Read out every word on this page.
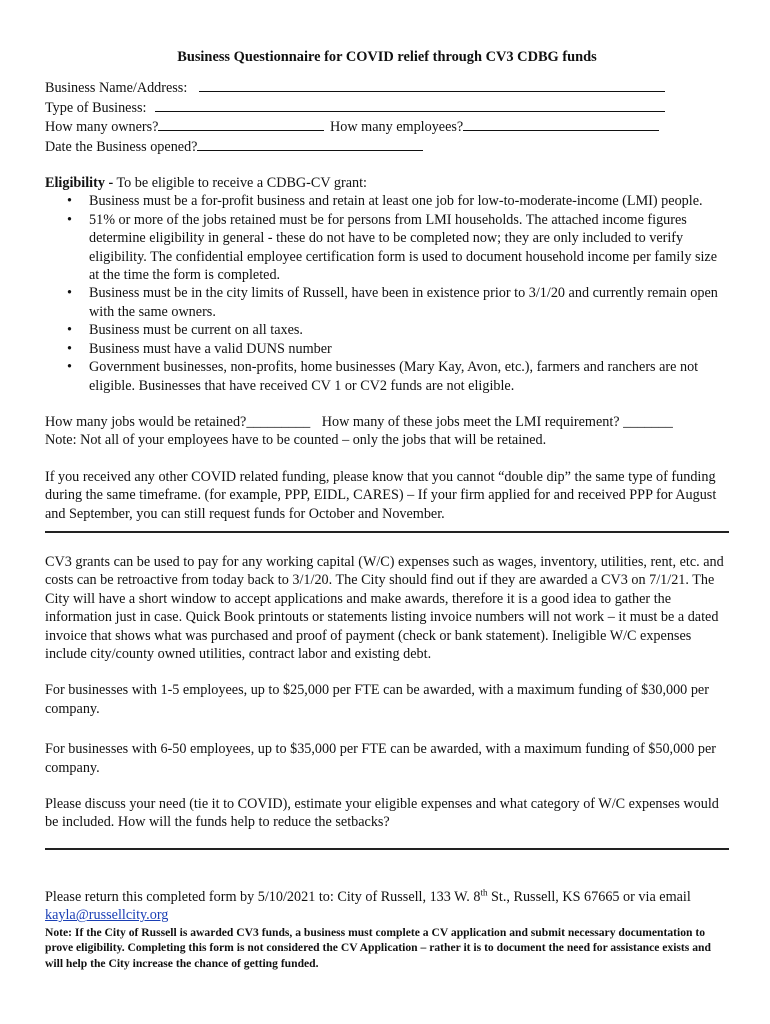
Business Questionnaire for COVID relief through CV3 CDBG funds
Business Name/Address:
Type of Business:
How many owners?	How many employees?
Date the Business opened?
Eligibility - To be eligible to receive a CDBG-CV grant:
• Business must be a for-profit business and retain at least one job for low-to-moderate-income (LMI) people.
• 51% or more of the jobs retained must be for persons from LMI households. The attached income figures determine eligibility in general - these do not have to be completed now; they are only included to verify eligibility. The confidential employee certification form is used to document household income per family size at the time the form is completed.
• Business must be in the city limits of Russell, have been in existence prior to 3/1/20 and currently remain open with the same owners.
• Business must be current on all taxes.
• Business must have a valid DUNS number
• Government businesses, non-profits, home businesses (Mary Kay, Avon, etc.), farmers and ranchers are not eligible. Businesses that have received CV 1 or CV2 funds are not eligible.
How many jobs would be retained?_________ How many of these jobs meet the LMI requirement? _______
Note: Not all of your employees have to be counted – only the jobs that will be retained.

If you received any other COVID related funding, please know that you cannot “double dip” the same type of funding during the same timeframe. (for example, PPP, EIDL, CARES) – If your firm applied for and received PPP for August and September, you can still request funds for October and November.

CV3 grants can be used to pay for any working capital (W/C) expenses such as wages, inventory, utilities, rent, etc. and costs can be retroactive from today back to 3/1/20. The City should find out if they are awarded a CV3 on 7/1/21. The City will have a short window to accept applications and make awards, therefore it is a good idea to gather the information just in case. Quick Book printouts or statements listing invoice numbers will not work – it must be a dated invoice that shows what was purchased and proof of payment (check or bank statement). Ineligible W/C expenses include city/county owned utilities, contract labor and existing debt.

For businesses with 1-5 employees, up to $25,000 per FTE can be awarded, with a maximum funding of $30,000 per company.

For businesses with 6-50 employees, up to $35,000 per FTE can be awarded, with a maximum funding of $50,000 per company.

Please discuss your need (tie it to COVID), estimate your eligible expenses and what category of W/C expenses would be included. How will the funds help to reduce the setbacks?

Please return this completed form by 5/10/2021 to: City of Russell, 133 W. 8th St., Russell, KS 67665 or via email kayla@russellcity.org

Note: If the City of Russell is awarded CV3 funds, a business must complete a CV application and submit necessary documentation to prove eligibility. Completing this form is not considered the CV Application – rather it is to document the need for assistance exists and will help the City increase the chance of getting funded.
